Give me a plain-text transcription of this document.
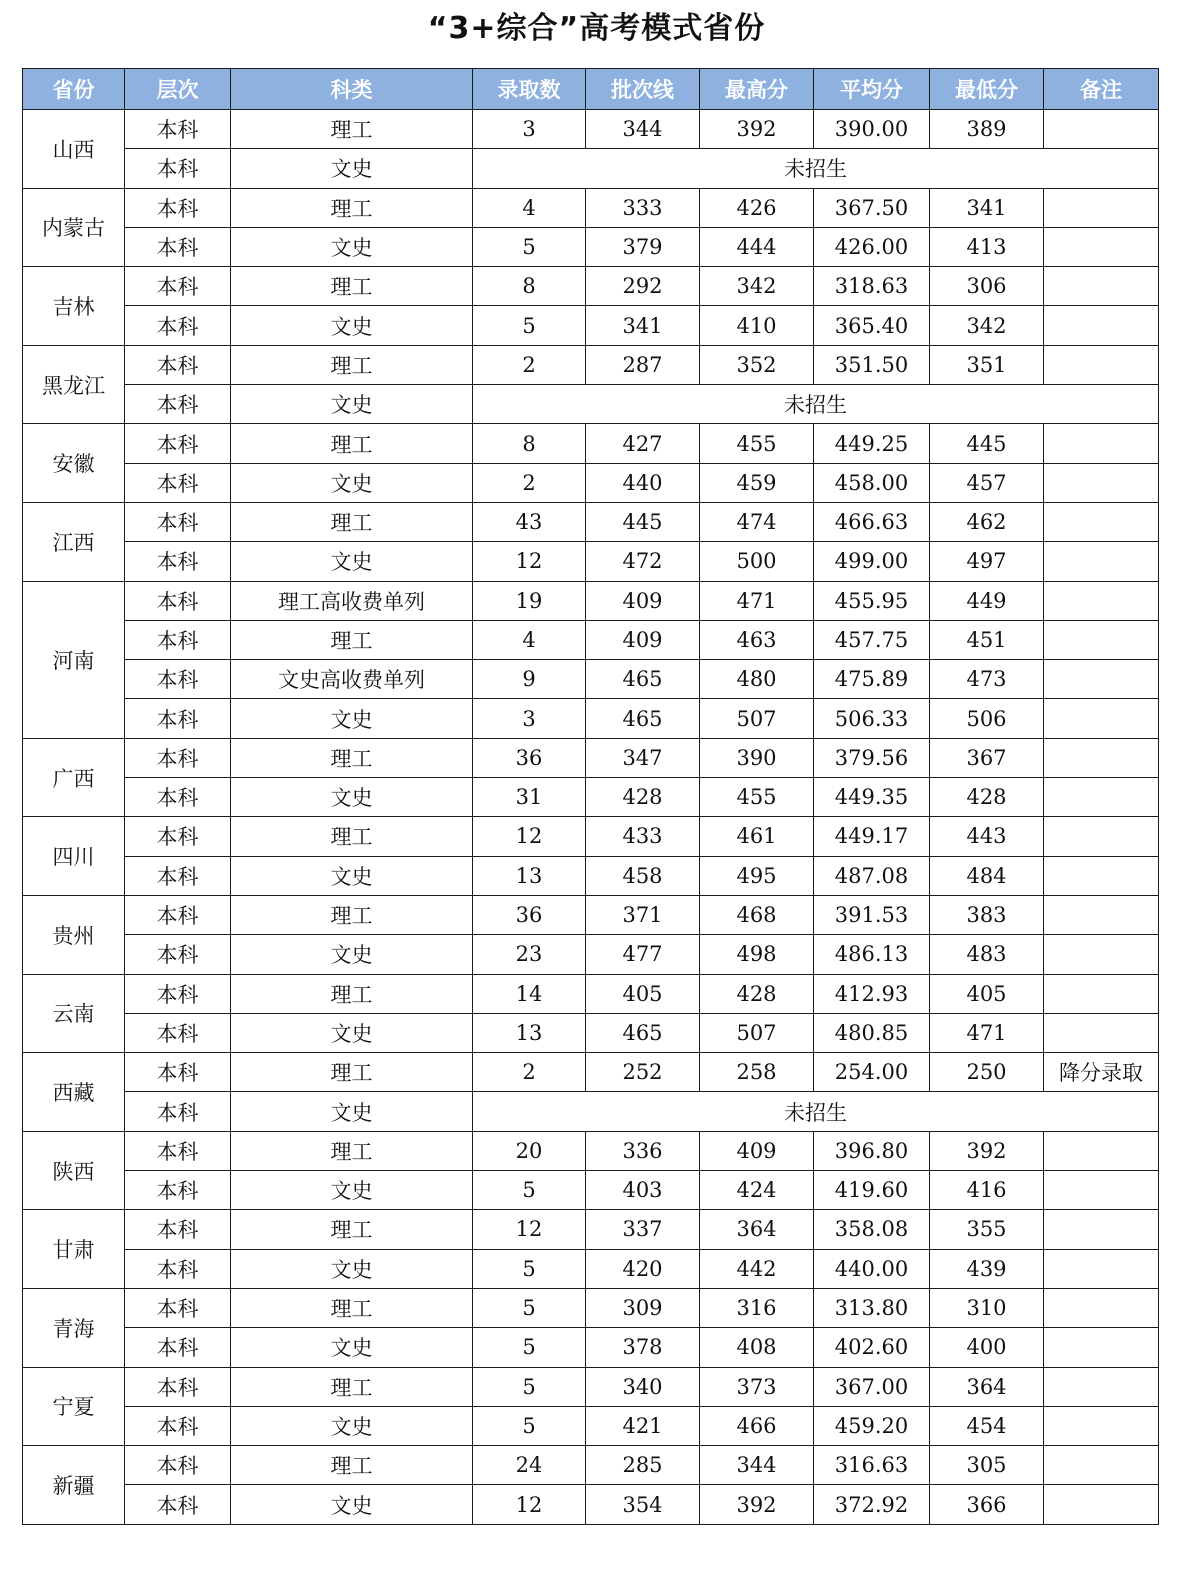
“3+综合”高考模式省份
省份	层次	科类	录取数	批次线	最高分	平均分	最低分	备注
山西	本科	理工	3	344	392	390.00	389	
	本科	文史	未招生					
内蒙古	本科	理工	4	333	426	367.50	341	
	本科	文史	5	379	444	426.00	413	
吉林	本科	理工	8	292	342	318.63	306	
	本科	文史	5	341	410	365.40	342	
黑龙江	本科	理工	2	287	352	351.50	351	
	本科	文史	未招生					
安徽	本科	理工	8	427	455	449.25	445	
	本科	文史	2	440	459	458.00	457	
江西	本科	理工	43	445	474	466.63	462	
	本科	文史	12	472	500	499.00	497	
河南	本科	理工高收费单列	19	409	471	455.95	449	
	本科	理工	4	409	463	457.75	451	
	本科	文史高收费单列	9	465	480	475.89	473	
	本科	文史	3	465	507	506.33	506	
广西	本科	理工	36	347	390	379.56	367	
	本科	文史	31	428	455	449.35	428	
四川	本科	理工	12	433	461	449.17	443	
	本科	文史	13	458	495	487.08	484	
贵州	本科	理工	36	371	468	391.53	383	
	本科	文史	23	477	498	486.13	483	
云南	本科	理工	14	405	428	412.93	405	
	本科	文史	13	465	507	480.85	471	
西藏	本科	理工	2	252	258	254.00	250	降分录取
	本科	文史	未招生					
陕西	本科	理工	20	336	409	396.80	392	
	本科	文史	5	403	424	419.60	416	
甘肃	本科	理工	12	337	364	358.08	355	
	本科	文史	5	420	442	440.00	439	
青海	本科	理工	5	309	316	313.80	310	
	本科	文史	5	378	408	402.60	400	
宁夏	本科	理工	5	340	373	367.00	364	
	本科	文史	5	421	466	459.20	454	
新疆	本科	理工	24	285	344	316.63	305	
	本科	文史	12	354	392	372.92	366	
